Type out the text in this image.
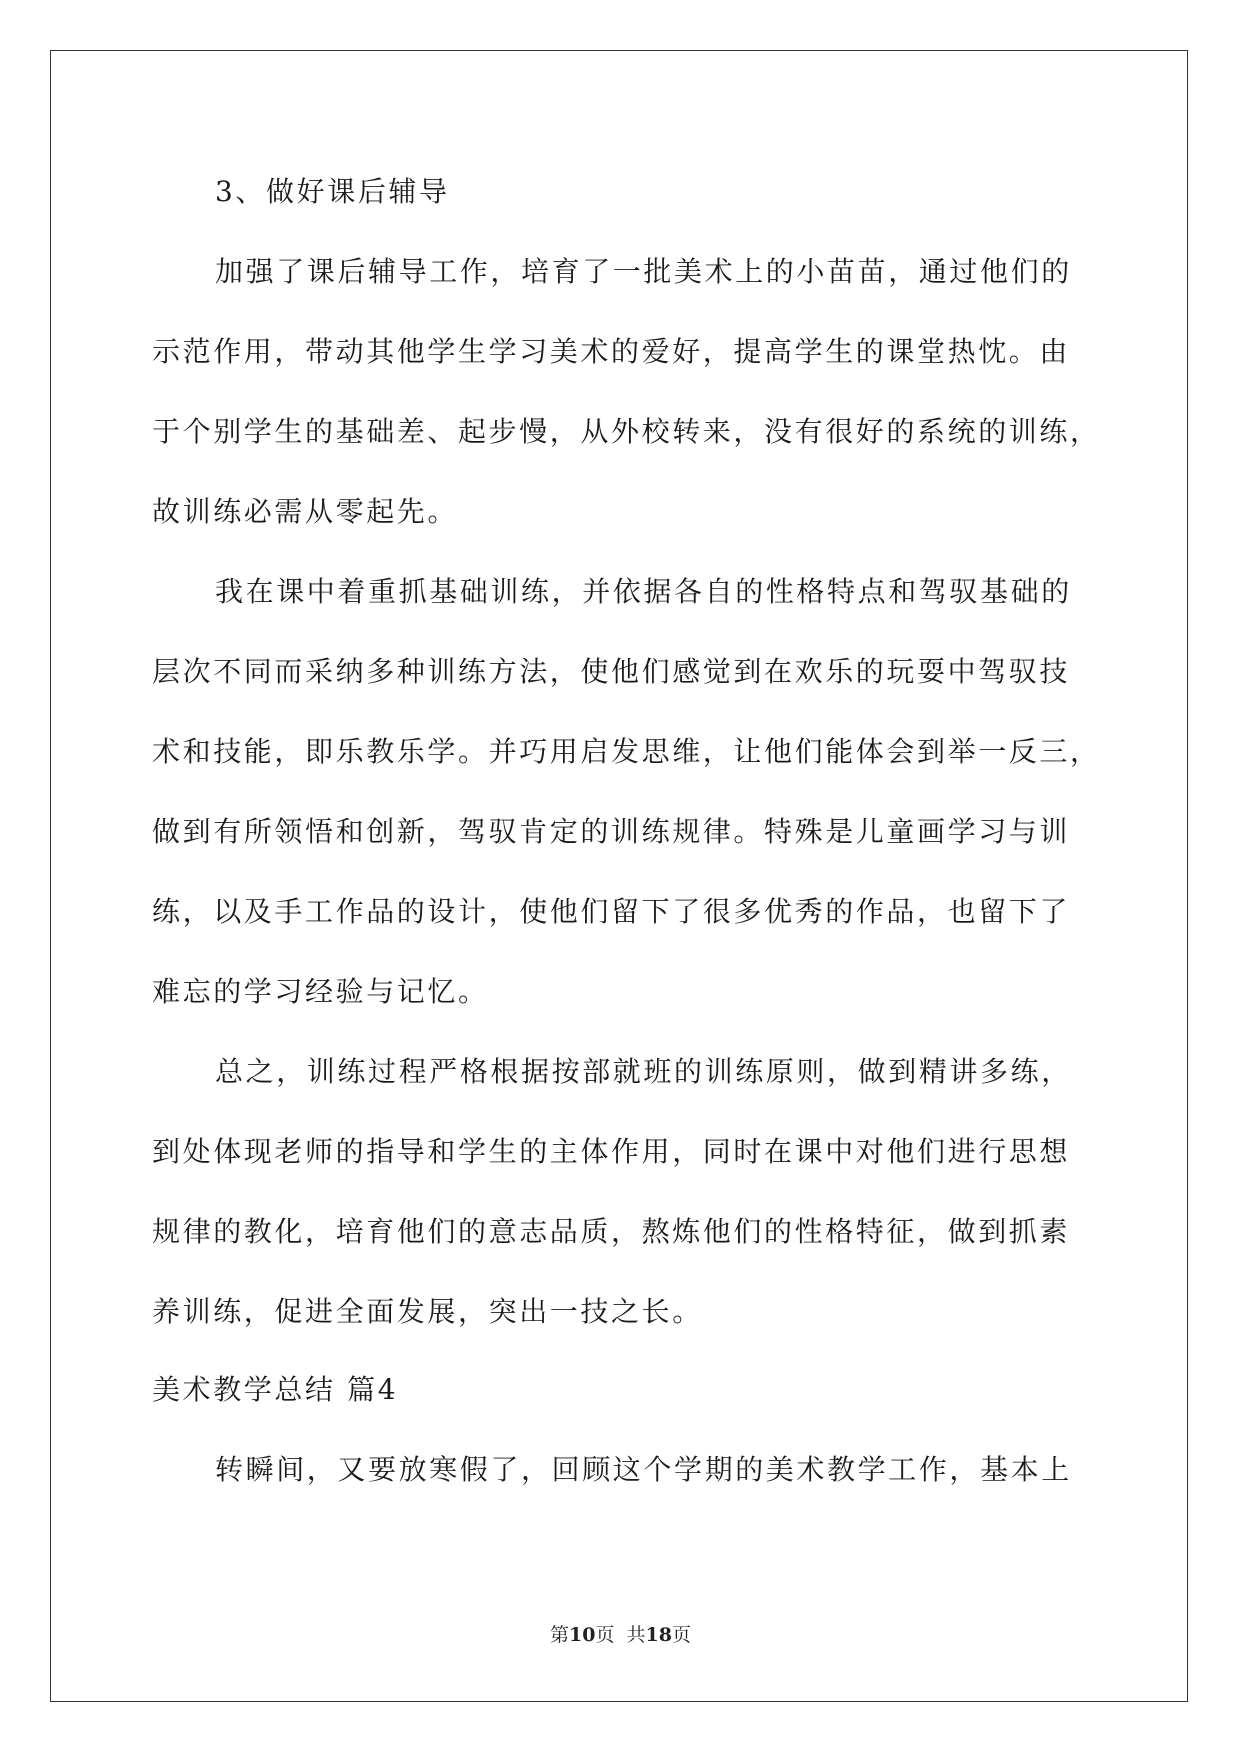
3、做好课后辅导
加强了课后辅导工作，培育了一批美术上的小苗苗，通过他们的
示范作用，带动其他学生学习美术的爱好，提高学生的课堂热忱。由
于个别学生的基础差、起步慢，从外校转来，没有很好的系统的训练，
故训练必需从零起先。
我在课中着重抓基础训练，并依据各自的性格特点和驾驭基础的
层次不同而采纳多种训练方法，使他们感觉到在欢乐的玩耍中驾驭技
术和技能，即乐教乐学。并巧用启发思维，让他们能体会到举一反三，
做到有所领悟和创新，驾驭肯定的训练规律。特殊是儿童画学习与训
练，以及手工作品的设计，使他们留下了很多优秀的作品，也留下了
难忘的学习经验与记忆。
总之，训练过程严格根据按部就班的训练原则，做到精讲多练，
到处体现老师的指导和学生的主体作用，同时在课中对他们进行思想
规律的教化，培育他们的意志品质，熬炼他们的性格特征，做到抓素
养训练，促进全面发展，突出一技之长。
美术教学总结 篇4
转瞬间，又要放寒假了，回顾这个学期的美术教学工作，基本上
第10页  共18页
